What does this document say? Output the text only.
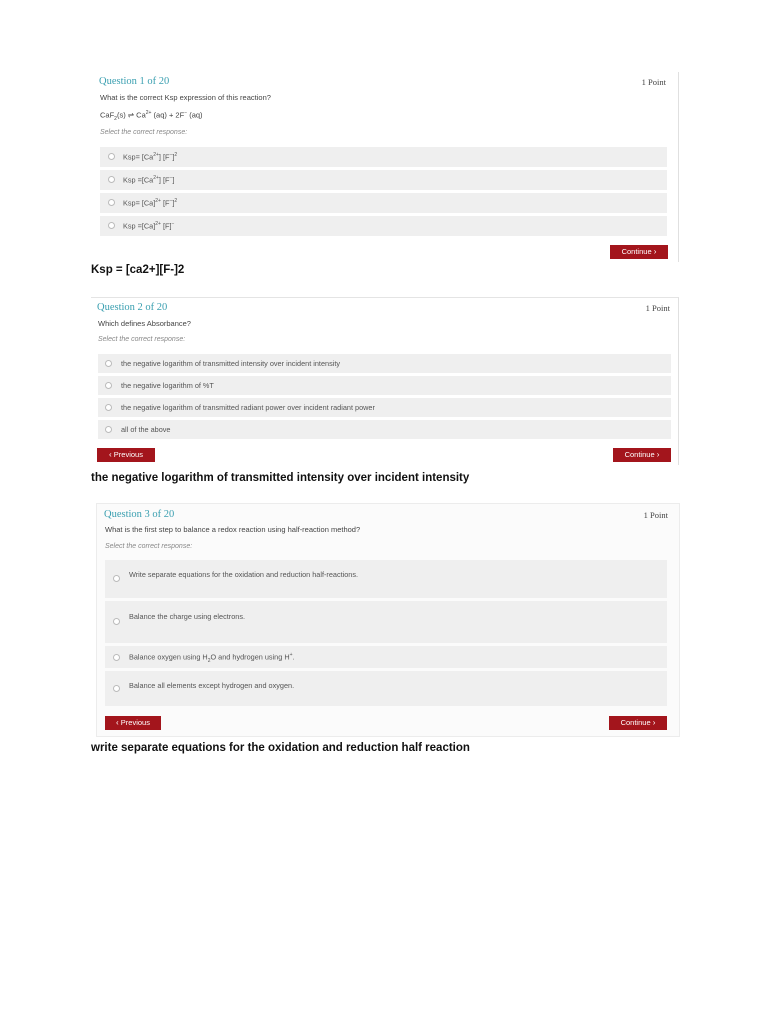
Question 1 of 20	1 Point
What is the correct Ksp expression of this reaction?
CaF$_2$(s) ⇌ $Ca^{2+}$ (aq) + 2F− (aq)
Select the correct response:
$Ksp= [Ca^{2+}]$ $[F^-]^2$
Ksp $=[Ca^{2+}]$ [F−]
$Ksp= [Ca]^{2+}$ $[F^-]^2$
Ksp $=[Ca]^{2+}$ [F]−
Continue ›
Ksp = [ca2+][F-]2
Question 2 of 20	1 Point
Which defines Absorbance?
Select the correct response:
the negative logarithm of transmitted intensity over incident intensity
the negative logarithm of %T
the negative logarithm of transmitted radiant power over incident radiant power
all of the above
‹ Previous	Continue ›
the negative logarithm of transmitted intensity over incident intensity
Question 3 of 20	1 Point
What is the first step to balance a redox reaction using half-reaction method?
Select the correct response:
Write separate equations for the oxidation and reduction half-reactions.
Balance the charge using electrons.
Balance oxygen using $H_2O$ and hydrogen using H+.
Balance all elements except hydrogen and oxygen.
‹ Previous	Continue ›
write separate equations for the oxidation and reduction half reaction
